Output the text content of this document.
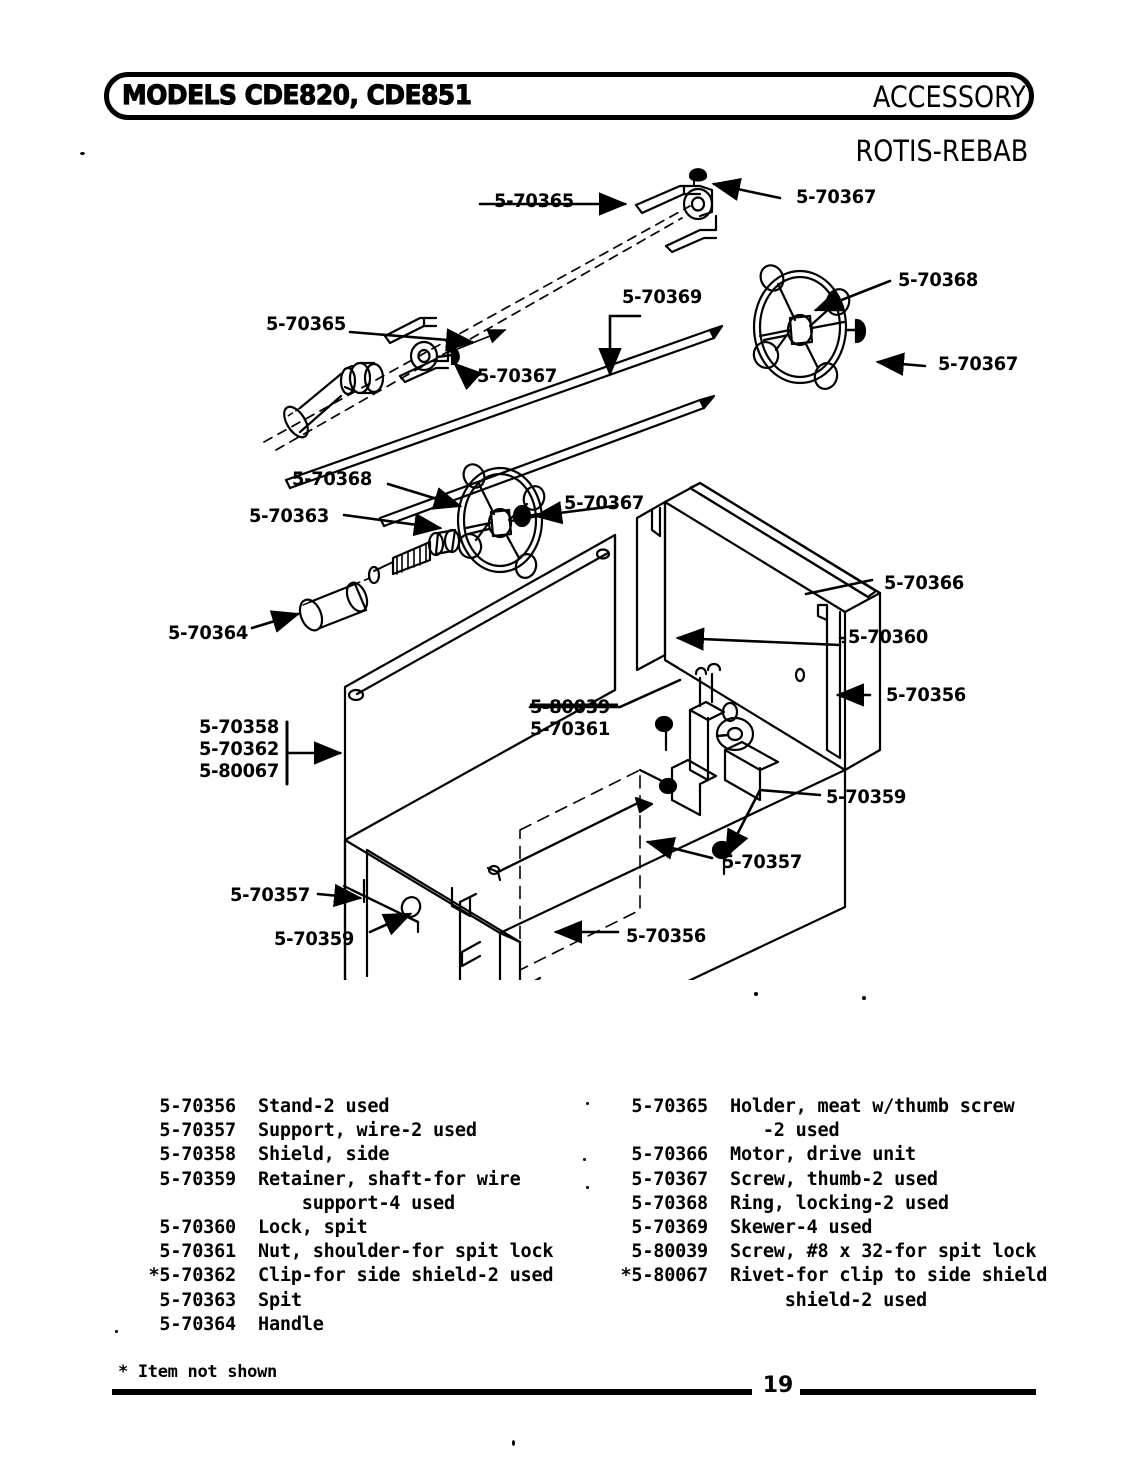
MODELS CDE820, CDE851	ACCESSORY
ROTIS-REBAB
5-70365	5-70367
5-70368
5-70369
5-70365
5-70367
5-70367
5-70368
5-70363
5-70367
5-70366
5-70364	5-70360
5-70356
5-80039
5-70361
5-70358
5-70362
5-80067
5-70359
5-70357
5-70357
5-70359	5-70356
5-70356	Stand-2 used
5-70357	Support, wire-2 used
5-70358	Shield, side
5-70359	Retainer, shaft-for wire
support-4 used
5-70360	Lock, spit
5-70361	Nut, shoulder-for spit lock
*5-70362	Clip-for side shield-2 used
5-70363	Spit
5-70364	Handle
5-70365	Holder, meat w/thumb screw
-2 used
5-70366	Motor, drive unit
5-70367	Screw, thumb-2 used
5-70368	Ring, locking-2 used
5-70369	Skewer-4 used
5-80039	Screw, #8 x 32-for spit lock
*5-80067	Rivet-for clip to side shield
shield-2 used
* Item not shown
19
